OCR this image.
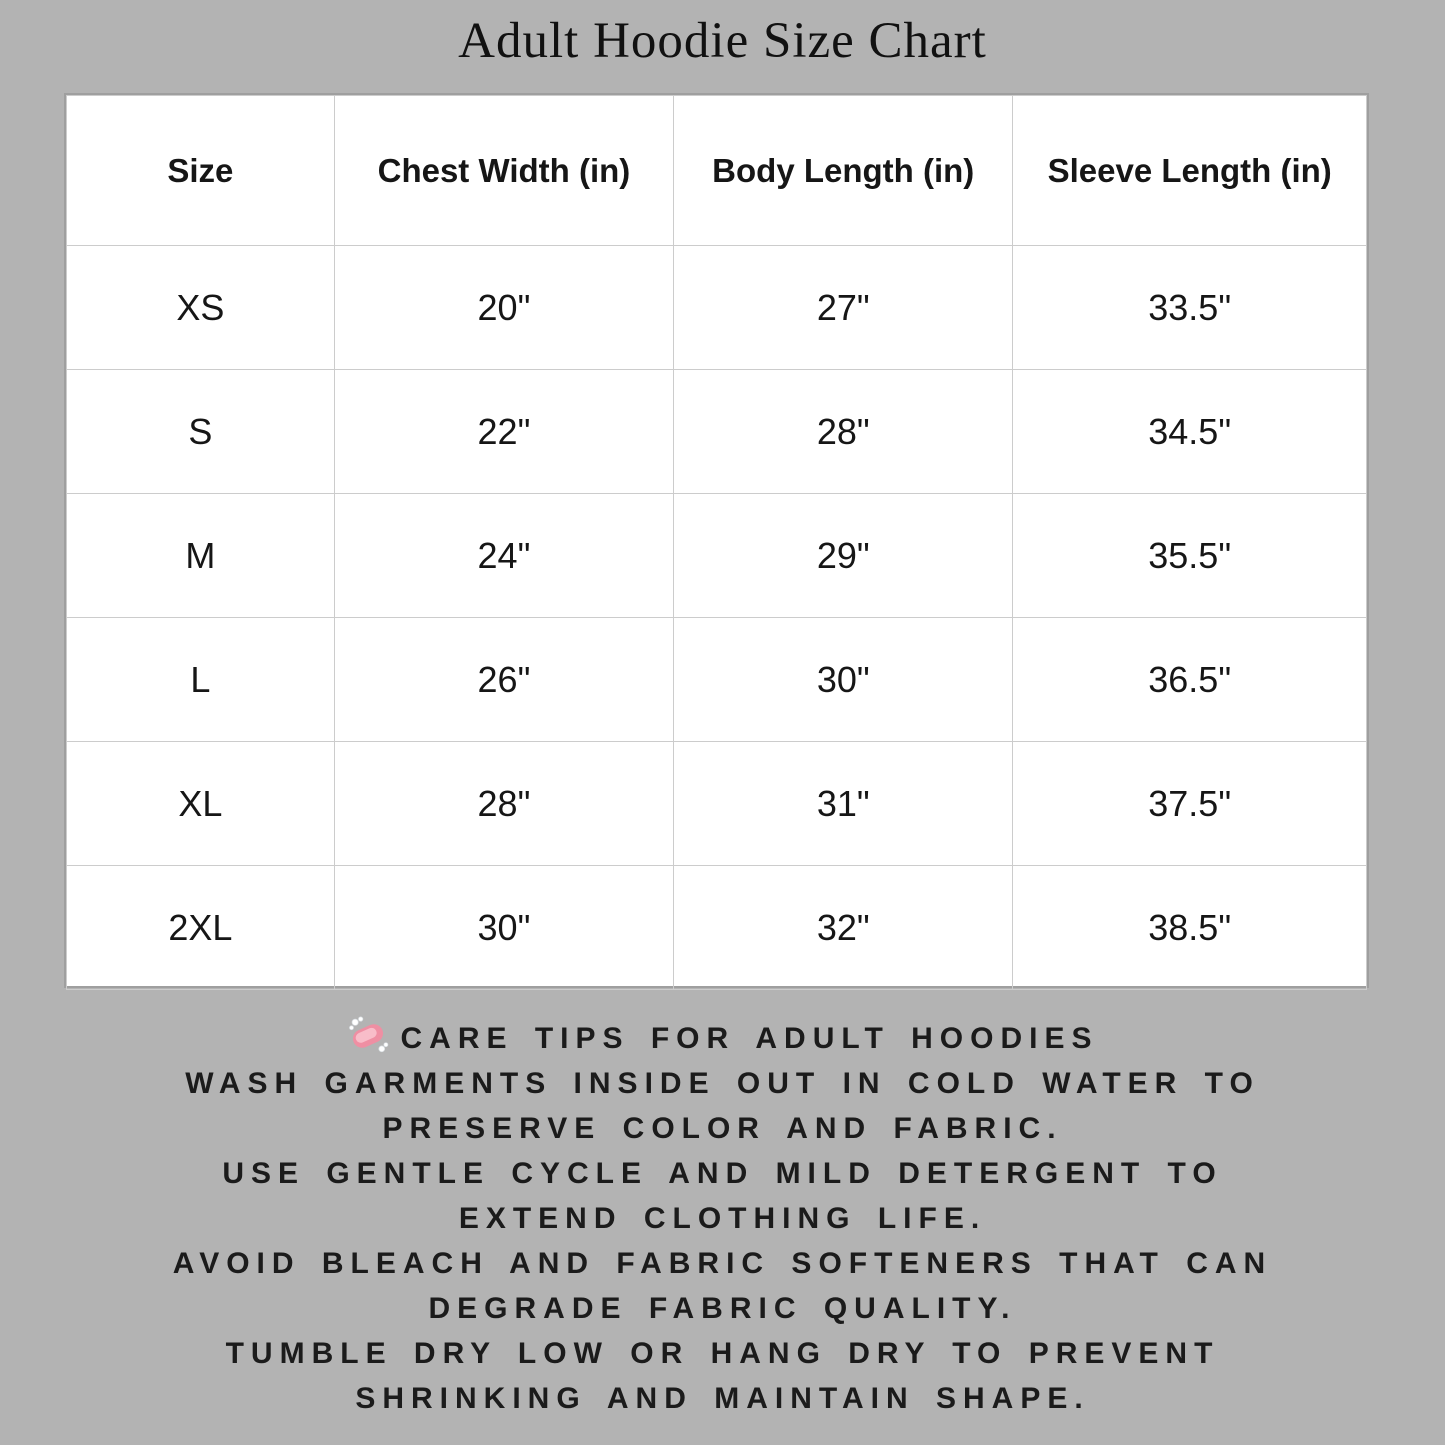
Adult Hoodie Size Chart
Size	Chest Width (in)	Body Length (in)	Sleeve Length (in)
XS	20"	27"	33.5"
S	22"	28"	34.5"
M	24"	29"	35.5"
L	26"	30"	36.5"
XL	28"	31"	37.5"
2XL	30"	32"	38.5"
CARE TIPS FOR ADULT HOODIES
WASH GARMENTS INSIDE OUT IN COLD WATER TO
PRESERVE COLOR AND FABRIC.
USE GENTLE CYCLE AND MILD DETERGENT TO
EXTEND CLOTHING LIFE.
AVOID BLEACH AND FABRIC SOFTENERS THAT CAN
DEGRADE FABRIC QUALITY.
TUMBLE DRY LOW OR HANG DRY TO PREVENT
SHRINKING AND MAINTAIN SHAPE.
